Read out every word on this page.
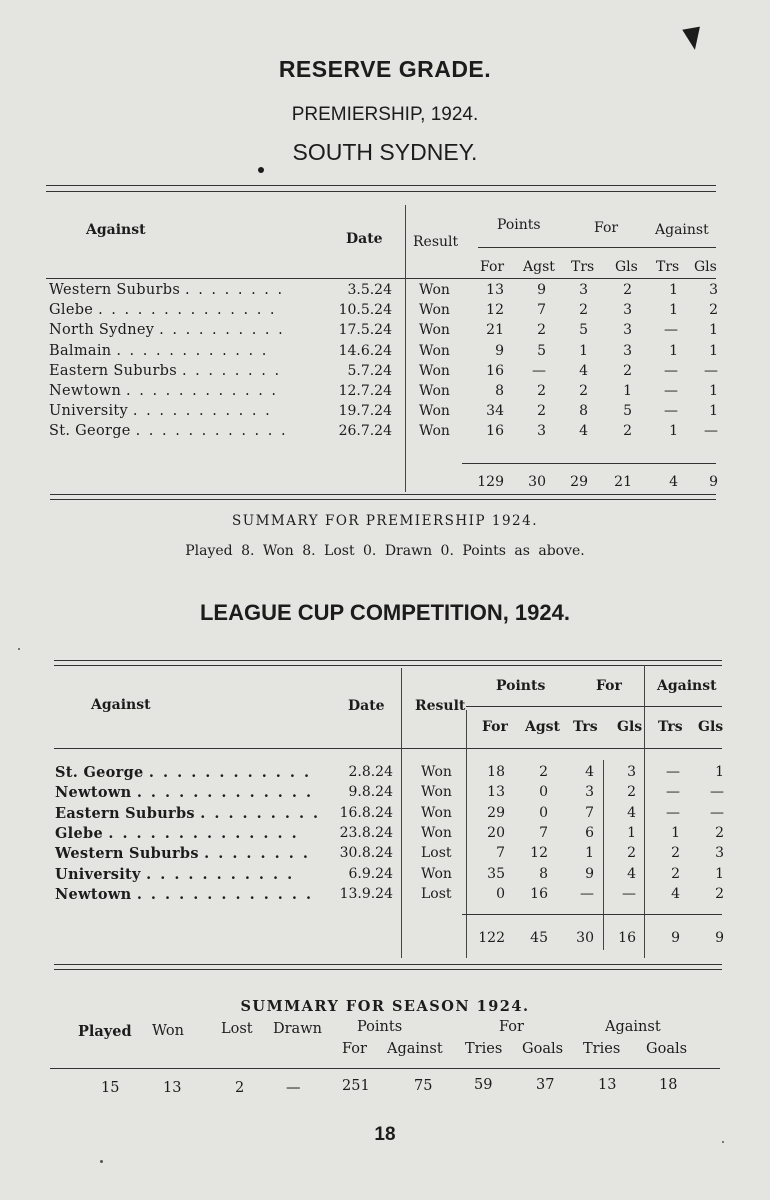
RESERVE GRADE.
PREMIERSHIP, 1924.
SOUTH SYDNEY.
Against
Date Result
Points	For	Against
For Agst Trs Gls Trs Gls
Western Suburbs . . . . . . . .	3.5.24 Won	13	9	3	2	1	3
Glebe . . . . . . . . . . . . . .	10.5.24 Won	12	7	2	3	1	2
North Sydney . . . . . . . . . .	17.5.24 Won	21	2	5	3	—	1
Balmain . . . . . . . . . . . .	14.6.24 Won	9	5	1	3	1	1
Eastern Suburbs . . . . . . . .	5.7.24 Won	16	—	4	2	—	—
Newtown . . . . . . . . . . . .	12.7.24 Won	8	2	2	1	—	1
University . . . . . . . . . . .	19.7.24 Won	34	2	8	5	—	1
St. George . . . . . . . . . . . .	26.7.24 Won	16	3	4	2	1	—
129	30	29	21	4	9
SUMMARY FOR PREMIERSHIP 1924.
Played 8. Won 8. Lost 0. Drawn 0. Points as above.
LEAGUE CUP COMPETITION, 1924.
Against	Date Result
Points	For	Against
For Agst Trs Gls Trs Gls
St. George . . . . . . . . . . . .	2.8.24 Won	18	2	4	3	—	1
Newtown . . . . . . . . . . . . .	9.8.24 Won	13	0	3	2	—	—
Eastern Suburbs . . . . . . . . .	16.8.24 Won	29	0	7	4	—	—
Glebe . . . . . . . . . . . . . .	23.8.24 Won	20	7	6	1	1	2
Western Suburbs . . . . . . . .	30.8.24 Lost	7	12	1	2	2	3
University . . . . . . . . . . .	6.9.24 Won	35	8	9	4	2	1
Newtown . . . . . . . . . . . . .	13.9.24 Lost	0	16	—	—	4	2
122	45	30	16	9	9
SUMMARY FOR SEASON 1924.
Played Won	Lost Drawn Points	For	Against
For Against Tries Goals Tries Goals
15	13	2	—	251	75	59	37	13	18
18
